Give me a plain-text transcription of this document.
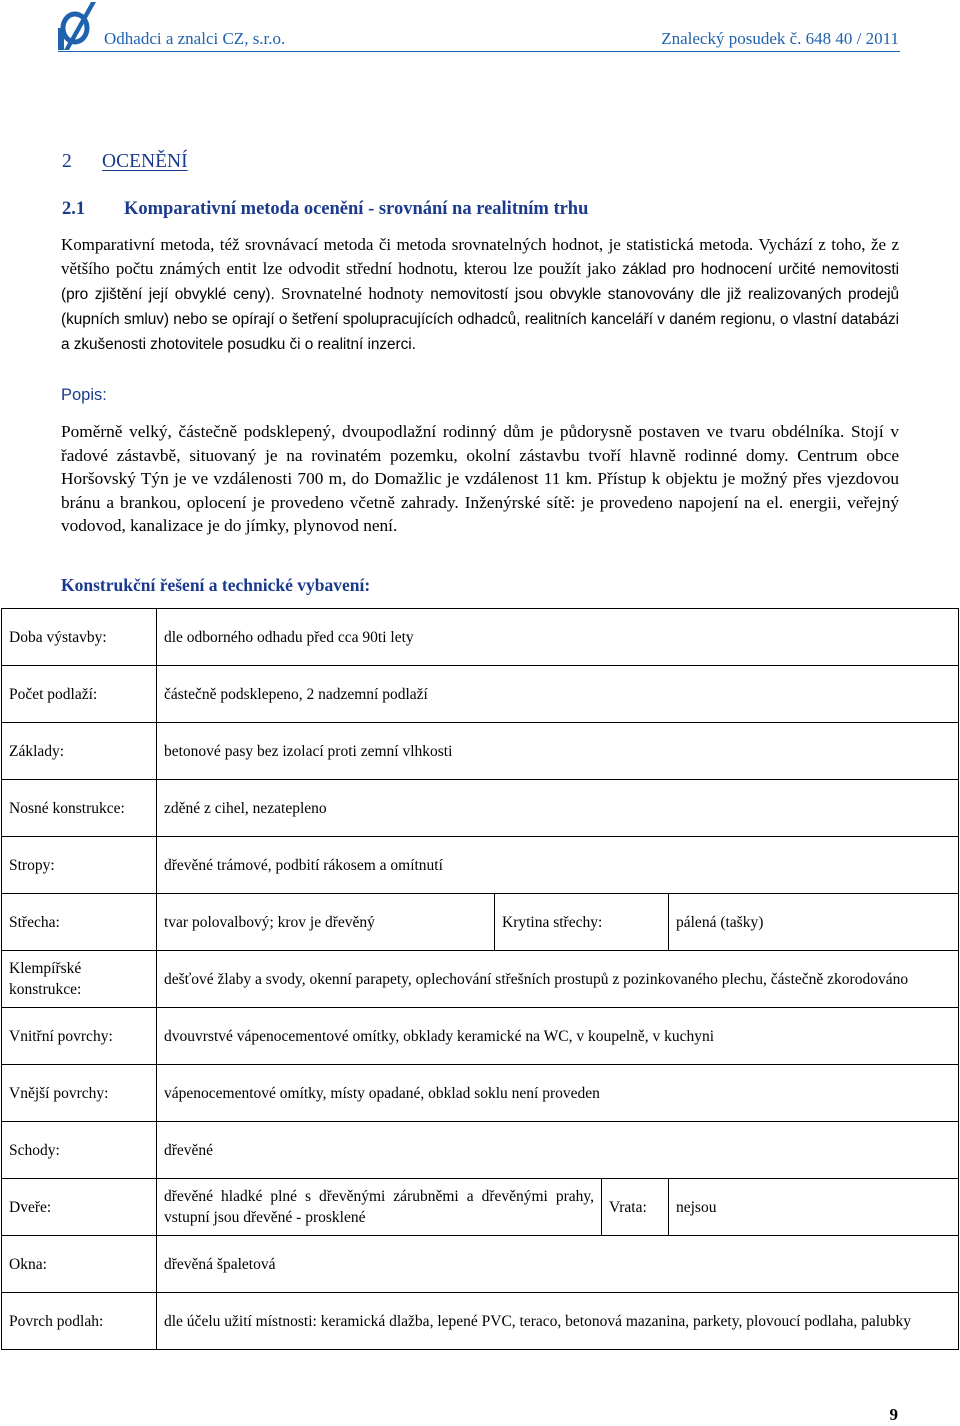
Odhadci a znalci CZ, s.r.o.	Znalecký posudek č. 648 40 / 2011
2 OCENĚNÍ
2.1 Komparativní metoda ocenění - srovnání na realitním trhu

Komparativní metoda, též srovnávací metoda či metoda srovnatelných hodnot, je statistická metoda. Vychází z toho, že z většího počtu známých entit lze odvodit střední hodnotu, kterou lze použít jako základ pro hodnocení určité nemovitosti (pro zjištění její obvyklé ceny). Srovnatelné hodnoty nemovitostí jsou obvykle stanovovány dle již realizovaných prodejů (kupních smluv) nebo se opírají o šetření spolupracujících odhadců, realitních kanceláří v daném regionu, o vlastní databázi a zkušenosti zhotovitele posudku či o realitní inzerci.

Popis:

Poměrně velký, částečně podsklepený, dvoupodlažní rodinný dům je půdorysně postaven ve tvaru obdélníka. Stojí v řadové zástavbě, situovaný je na rovinatém pozemku, okolní zástavbu tvoří hlavně rodinné domy. Centrum obce Horšovský Týn je ve vzdálenosti 700 m, do Domažlic je vzdálenost 11 km. Přístup k objektu je možný přes vjezdovou bránu a brankou, oplocení je provedeno včetně zahrady. Inženýrské sítě: je provedeno napojení na el. energii, veřejný vodovod, kanalizace je do jímky, plynovod není.

Konstrukční řešení a technické vybavení:
Doba výstavby:	dle odborného odhadu před cca 90ti lety			
Počet podlaží:	částečně podsklepeno, 2 nadzemní podlaží			
Základy:	betonové pasy bez izolací proti zemní vlhkosti			
Nosné konstrukce:	zděné z cihel, nezatepleno			
Stropy:	dřevěné trámové, podbití rákosem a omítnutí			
Střecha:	tvar polovalbový; krov je dřevěný	Krytina střechy:		pálená (tašky)
Klempířské konstrukce:	dešťové žlaby a svody, okenní parapety, oplechování střešních prostupů z pozinkovaného plechu, částečně zkorodováno			
Vnitřní povrchy:	dvouvrstvé vápenocementové omítky, obklady keramické na WC, v koupelně, v kuchyni			
Vnější povrchy:	vápenocementové omítky, místy opadané, obklad soklu není proveden			
Schody:	dřevěné			
Dveře:	dřevěné hladké plné s dřevěnými zárubněmi a dřevěnými prahy, vstupní jsou dřevěné - prosklené		Vrata:	nejsou
Okna:	dřevěná špaletová			
Povrch podlah:	dle účelu užití místnosti: keramická dlažba, lepené PVC, teraco, betonová mazanina, parkety, plovoucí podlaha, palubky			
9
